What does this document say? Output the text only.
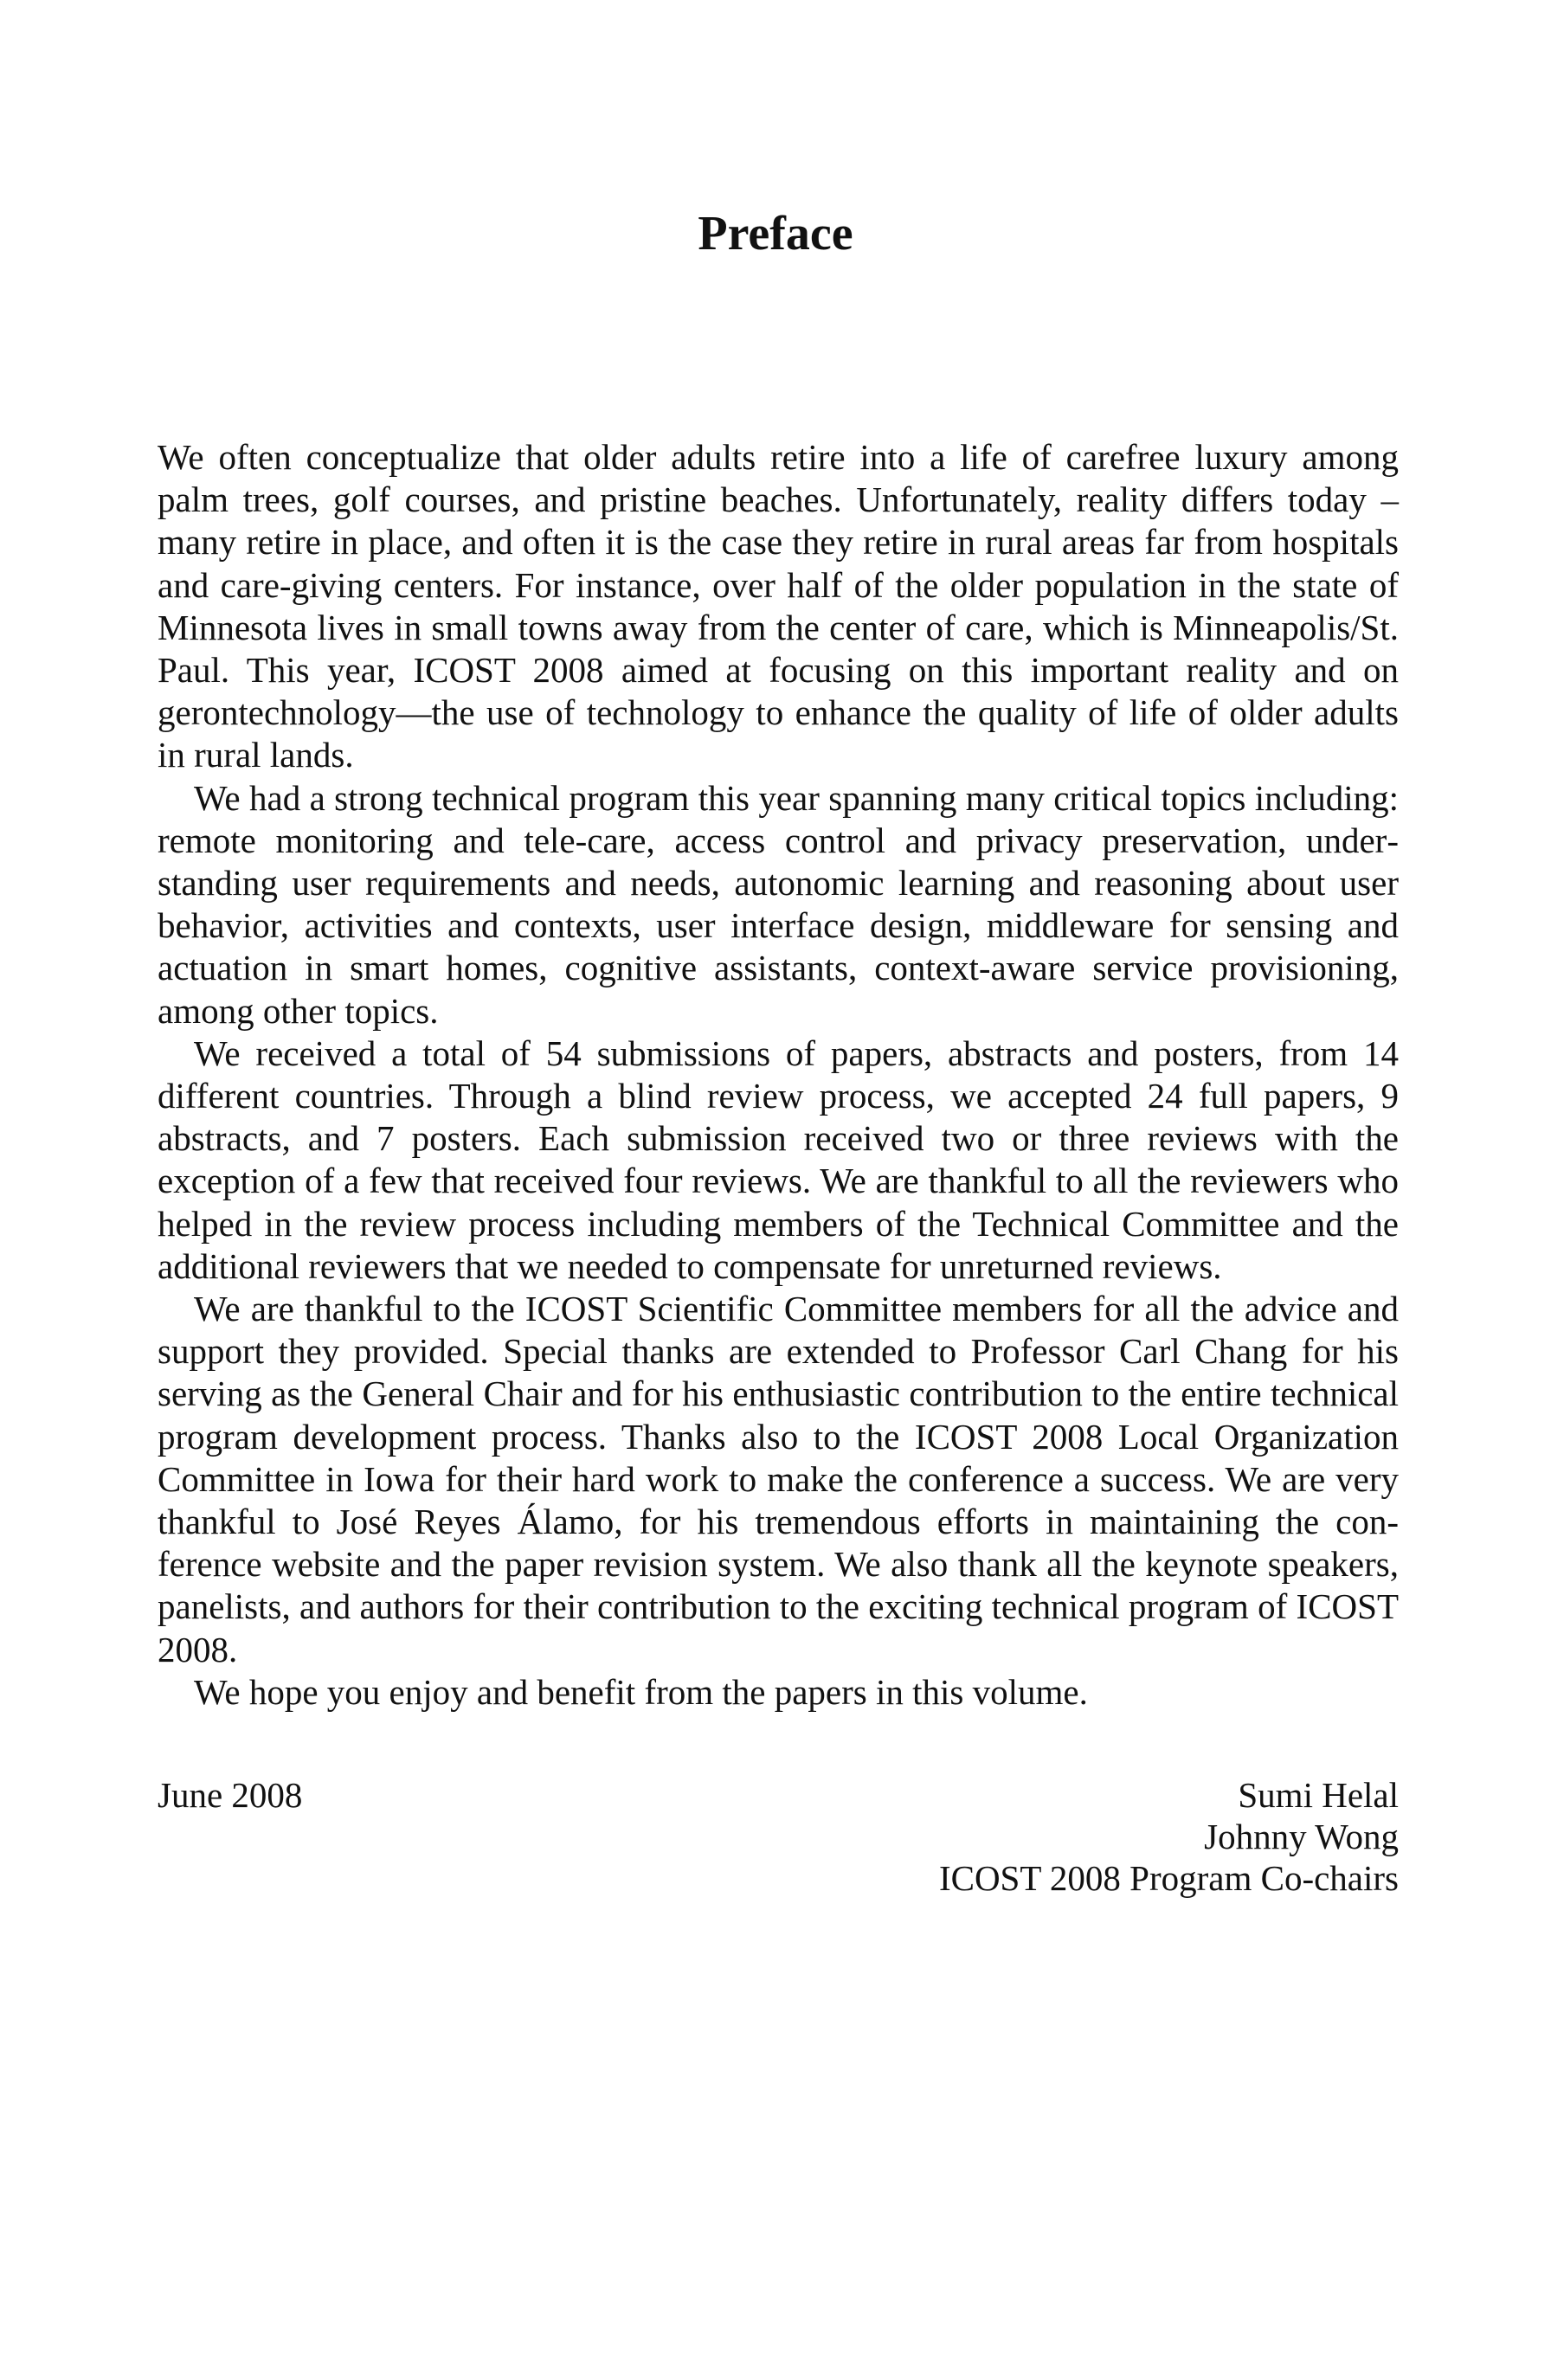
Preface

We often conceptualize that older adults retire into a life of carefree luxury among palm trees, golf courses, and pristine beaches. Unfortunately, reality differs today – many retire in place, and often it is the case they retire in rural areas far from hospitals and care-giving centers. For instance, over half of the older population in the state of Minnesota lives in small towns away from the center of care, which is Minneapolis/St. Paul. This year, ICOST 2008 aimed at focusing on this important reality and on gerontechnology—the use of technology to enhance the quality of life of older adults in rural lands.

We had a strong technical program this year spanning many critical topics including: remote monitoring and tele-care, access control and privacy preservation, understanding user requirements and needs, autonomic learning and reasoning about user behavior, activities and contexts, user interface design, middleware for sensing and actuation in smart homes, cognitive assistants, context-aware service provisioning, among other topics.

We received a total of 54 submissions of papers, abstracts and posters, from 14 different countries. Through a blind review process, we accepted 24 full papers, 9 abstracts, and 7 posters. Each submission received two or three reviews with the exception of a few that received four reviews. We are thankful to all the reviewers who helped in the review process including members of the Technical Committee and the additional reviewers that we needed to compensate for unreturned reviews.

We are thankful to the ICOST Scientific Committee members for all the advice and support they provided. Special thanks are extended to Professor Carl Chang for his serving as the General Chair and for his enthusiastic contribution to the entire technical program development process. Thanks also to the ICOST 2008 Local Organization Committee in Iowa for their hard work to make the conference a success. We are very thankful to José Reyes Álamo, for his tremendous efforts in maintaining the conference website and the paper revision system. We also thank all the keynote speakers, panelists, and authors for their contribution to the exciting technical program of ICOST 2008.

We hope you enjoy and benefit from the papers in this volume.

June 2008	Sumi Helal
Johnny Wong
ICOST 2008 Program Co-chairs
